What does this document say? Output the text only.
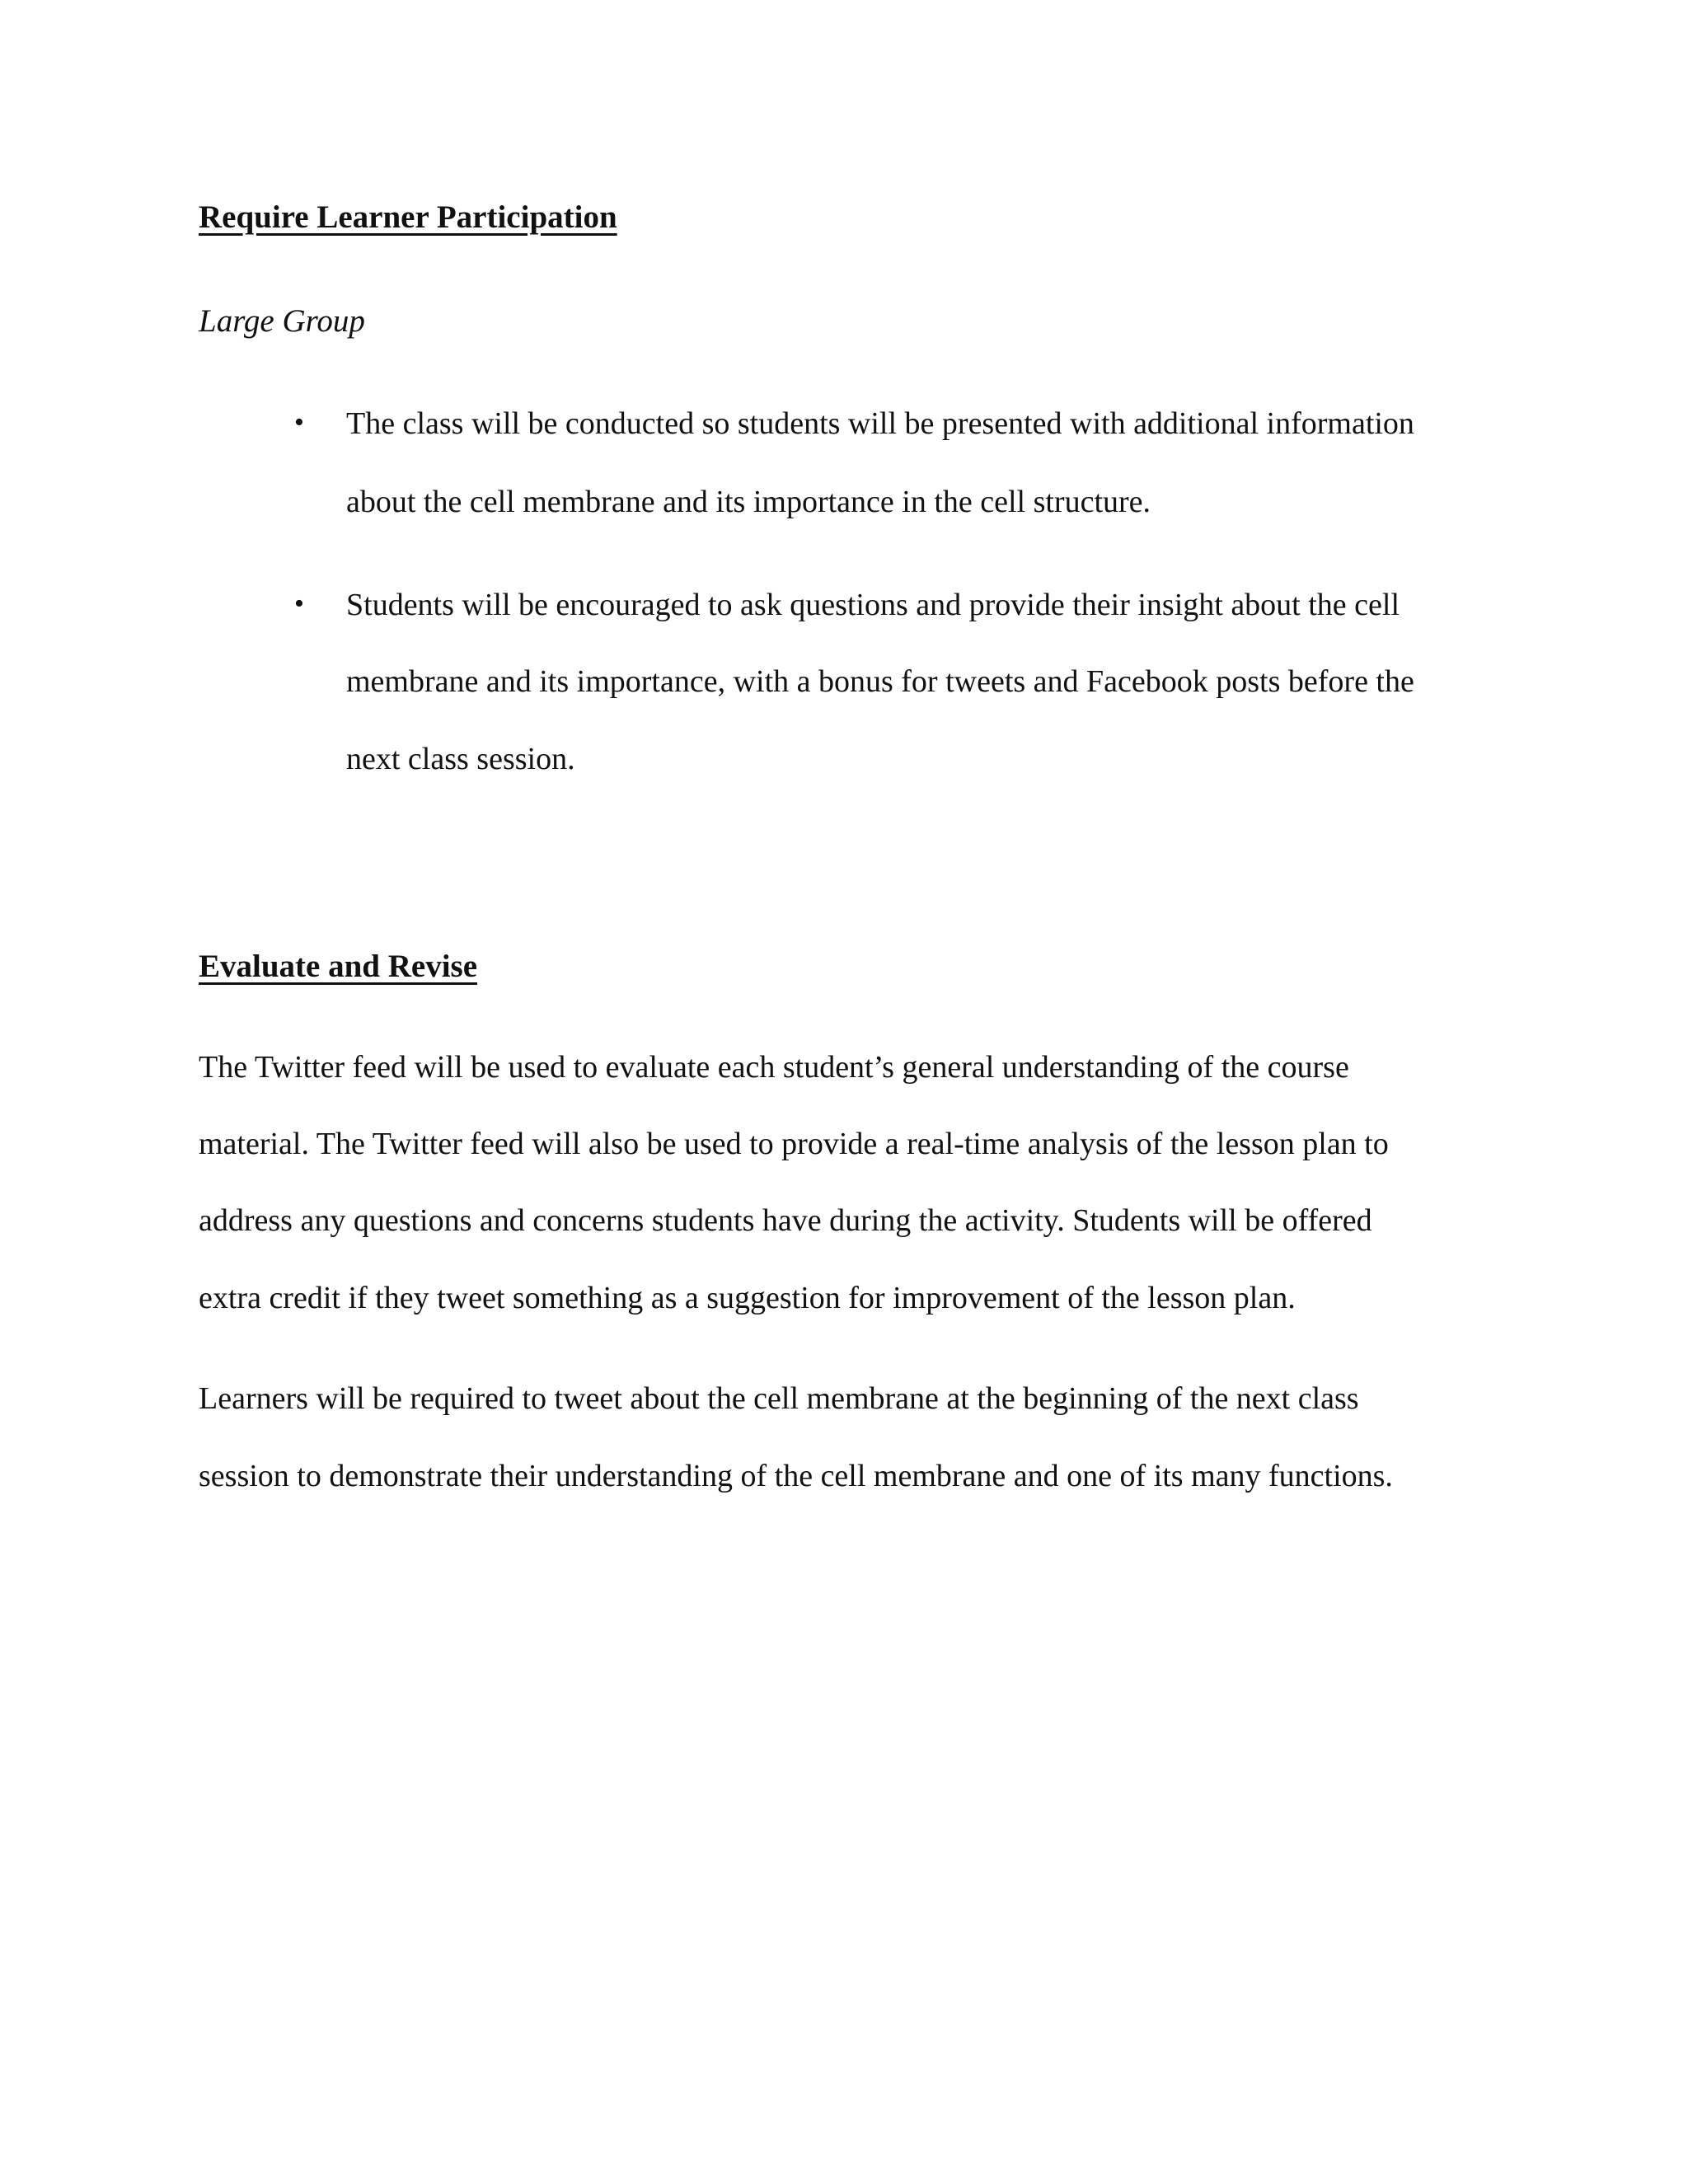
Require Learner Participation
Large Group
• The class will be conducted so students will be presented with additional information

about the cell membrane and its importance in the cell structure.

• Students will be encouraged to ask questions and provide their insight about the cell

membrane and its importance, with a bonus for tweets and Facebook posts before the

next class session.

Evaluate and Revise

The Twitter feed will be used to evaluate each student’s general understanding of the course

material. The Twitter feed will also be used to provide a real-time analysis of the lesson plan to

address any questions and concerns students have during the activity. Students will be offered

extra credit if they tweet something as a suggestion for improvement of the lesson plan.

Learners will be required to tweet about the cell membrane at the beginning of the next class

session to demonstrate their understanding of the cell membrane and one of its many functions.
